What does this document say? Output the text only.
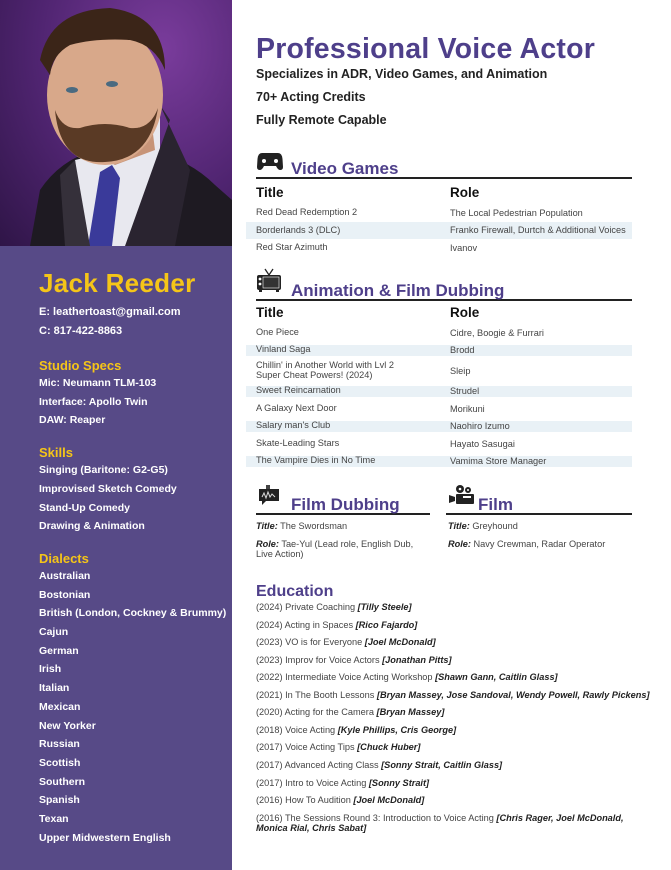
Jack Reeder
E: leathertoast@gmail.com
C: 817-422-8863
Studio Specs
Mic: Neumann TLM-103
Interface: Apollo Twin
DAW: Reaper
Skills
Singing (Baritone: G2-G5)
Improvised Sketch Comedy
Stand-Up Comedy
Drawing & Animation
Dialects
Australian
Bostonian
British (London, Cockney & Brummy)
Cajun
German
Irish
Italian
Mexican
New Yorker
Russian
Scottish
Southern
Spanish
Texan
Upper Midwestern English
Professional Voice Actor
Specializes in ADR, Video Games, and Animation
70+ Acting Credits
Fully Remote Capable
Video Games
Title	Role
Red Dead Redemption 2	The Local Pedestrian Population
Borderlands 3 (DLC)	Franko Firewall, Durtch & Additional Voices
Red Star Azimuth	Ivanov
Animation & Film Dubbing
Title	Role
One Piece	Cidre, Boogie & Furrari
Vinland Saga	Brodd
Chillin' in Another World with Lvl 2
Super Cheat Powers! (2024)	Sleip
Sweet Reincarnation	Strudel
A Galaxy Next Door	Morikuni
Salary man's Club	Naohiro Izumo
Skate-Leading Stars	Hayato Sasugai
The Vampire Dies in No Time	Vamima Store Manager
Film Dubbing
Title: The Swordsman
Role: Tae-Yul (Lead role, English Dub,
Live Action)
Film
Title: Greyhound
Role: Navy Crewman, Radar Operator
Education
(2024) Private Coaching [Tilly Steele]
(2024) Acting in Spaces [Rico Fajardo]
(2023) VO is for Everyone [Joel McDonald]
(2023) Improv for Voice Actors [Jonathan Pitts]
(2022) Intermediate Voice Acting Workshop [Shawn Gann, Caitlin Glass]
(2021) In The Booth Lessons [Bryan Massey, Jose Sandoval, Wendy Powell, Rawly Pickens]
(2020) Acting for the Camera [Bryan Massey]
(2018) Voice Acting [Kyle Phillips, Cris George]
(2017) Voice Acting Tips [Chuck Huber]
(2017) Advanced Acting Class [Sonny Strait, Caitlin Glass]
(2017) Intro to Voice Acting [Sonny Strait]
(2016) How To Audition [Joel McDonald]
(2016) The Sessions Round 3: Introduction to Voice Acting [Chris Rager, Joel McDonald,
Monica Rial, Chris Sabat]
